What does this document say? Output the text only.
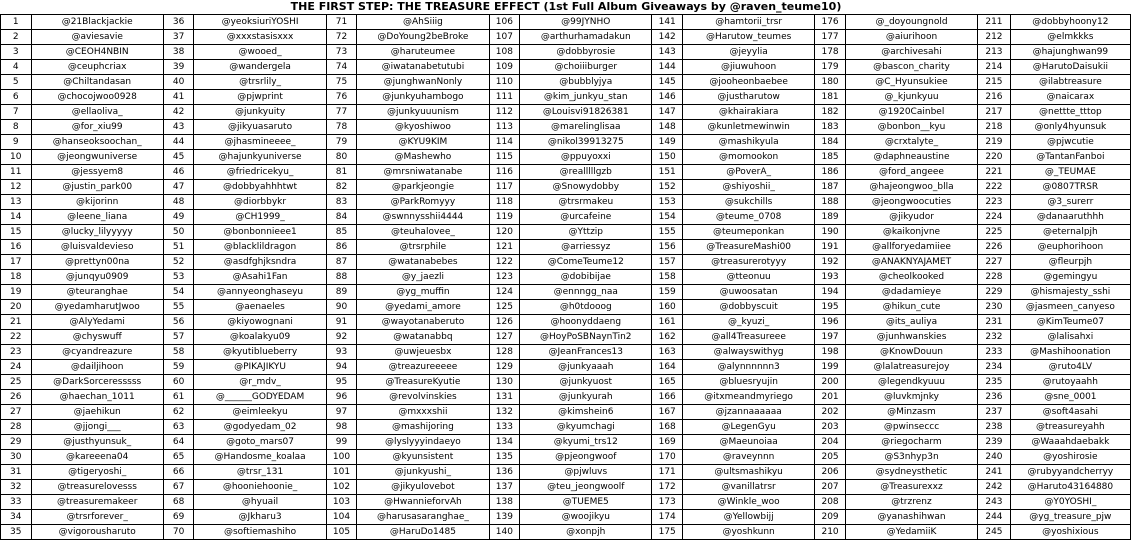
THE FIRST STEP: THE TREASURE EFFECT (1st Full Album Giveaways by @raven_teume10)
1	@21Blackjackie	36	@yeoksiuriYOSHI	71	@AhSiiig	106	@99JYNHO	141	@hamtorii_trsr	176	@_doyoungnold	211	@dobbyhoony12
2	@aviesavie	37	@xxxstasisxxx	72	@DoYoung2beBroke	107	@arthurhamadakun	142	@Harutow_teumes	177	@aiurihoon	212	@elmkkks
3	@CEOH4NBIN	38	@wooed_	73	@haruteumee	108	@dobbyrosie	143	@jeyylia	178	@archivesahi	213	@hajunghwan99
4	@ceuphcriax	39	@wandergela	74	@iwatanabetutubi	109	@choiiiburger	144	@jiuwuhoon	179	@bascon_charity	214	@HarutoDaisukii
5	@Chiltandasan	40	@trsrlily_	75	@junghwanNonly	110	@bubblyjya	145	@jooheonbaebee	180	@C_Hyunsukiee	215	@ilabtreasure
6	@chocojwoo0928	41	@pjwprint	76	@junkyuhambogo	111	@kim_junkyu_stan	146	@justharutow	181	@_kjunkyuu	216	@naicarax
7	@ellaoliva_	42	@junkyuity	77	@junkyuuunism	112	@Louisvi91826381	147	@khairakiara	182	@1920Cainbel	217	@nettte_tttop
8	@for_xiu99	43	@jikyuasaruto	78	@kyoshiwoo	113	@marelinglisaa	148	@kunletmewinwin	183	@bonbon__kyu	218	@only4hyunsuk
9	@hanseoksoochan_	44	@jhasmineeee_	79	@KYU9KIM	114	@nikol39913275	149	@mashikyula	184	@crxtalyte_	219	@pjwcutie
10	@jeongwuniverse	45	@hajunkyuniverse	80	@Mashewho	115	@ppuyoxxi	150	@momookon	185	@daphneaustine	220	@TantanFanboi
11	@jessyem8	46	@friedricekyu_	81	@mrsniwatanabe	116	@realllllgzb	151	@PoverA_	186	@ford_angeee	221	@_TEUMAE
12	@justin_park00	47	@dobbyahhhtwt	82	@parkjeongie	117	@Snowydobby	152	@shiyoshii_	187	@hajeongwoo_blla	222	@0807TRSR
13	@kijorinn	48	@diorbbykr	83	@ParkRomyyy	118	@trsrmakeu	153	@sukchills	188	@jeongwoocuties	223	@3_surerr
14	@leene_liana	49	@CH1999_	84	@swnnysshii4444	119	@urcafeine	154	@teume_0708	189	@jikyudor	224	@danaaruthhh
15	@lucky_lilyyyyy	50	@bonbonnieee1	85	@teuhalovee_	120	@Yttzip	155	@teumeponkan	190	@kaikonjvne	225	@eternalpjh
16	@luisvaldevieso	51	@blacklildragon	86	@trsrphile	121	@arriessyz	156	@TreasureMashi00	191	@allforyedamiiee	226	@euphorihoon
17	@prettyn00na	52	@asdfghjksndra	87	@watanabebes	122	@ComeTeume12	157	@treasurerotyyy	192	@ANAKNYAJAMET	227	@fleurpjh
18	@junqyu0909	53	@Asahi1Fan	88	@y_jaezli	123	@dobibijae	158	@tteonuu	193	@cheolkooked	228	@gemingyu
19	@teuranghae	54	@annyeonghaseyu	89	@yg_muffin	124	@ennngg_naa	159	@uwoosatan	194	@dadamieye	229	@hismajesty_sshi
20	@yedamharutJwoo	55	@aenaeles	90	@yedami_amore	125	@h0tdooog	160	@dobbyscuit	195	@hikun_cute	230	@jasmeen_canyeso
21	@AlyYedami	56	@kiyowognani	91	@wayotanaberuto	126	@hoonyddaeng	161	@_kyuzi_	196	@its_auliya	231	@KimTeume07
22	@chyswuff	57	@koalakyu09	92	@watanabbq	127	@HoyPoSBNaynTin2	162	@all4Treasureee	197	@junhwanskies	232	@lalisahxi
23	@cyandreazure	58	@kyutiblueberry	93	@uwjeuesbx	128	@JeanFrances13	163	@alwayswithyg	198	@KnowDouun	233	@Mashihoonation
24	@dailjihoon	59	@PIKAJIKYU	94	@treazureeeee	129	@junkyaaah	164	@alynnnnnn3	199	@lalatreasurejoy	234	@ruto4LV
25	@DarkSorceresssss	60	@r_mdv_	95	@TreasureKyutie	130	@junkyuost	165	@bluesryujin	200	@legendkyuuu	235	@rutoyaahh
26	@haechan_1011	61	@______GODYEDAM	96	@revolvinskies	131	@junkyurah	166	@itxmeandmyriego	201	@luvkmjnky	236	@sne_0001
27	@jaehikun	62	@eimleekyu	97	@mxxxshii	132	@kimshein6	167	@jzannaaaaaa	202	@Minzasm	237	@soft4asahi
28	@jjongi___	63	@godyedam_02	98	@mashijoring	133	@kyumchagi	168	@LegenGyu	203	@pwinseccc	238	@treasureyahh
29	@justhyunsuk_	64	@goto_mars07	99	@lyslyyyindaeyo	134	@kyumi_trs12	169	@Maeunoiaa	204	@riegocharm	239	@Waaahdaebakk
30	@kareeena04	65	@Handosme_koalaa	100	@kyunsistent	135	@pjeongwoof	170	@raveynnn	205	@S3nhyp3n	240	@yoshirosie
31	@tigeryoshi_	66	@trsr_131	101	@junkyushi_	136	@pjwluvs	171	@ultsmashikyu	206	@sydneysthetic	241	@rubyyandcherryy
32	@treasurelovesss	67	@hooniehoonie_	102	@jikyulovebot	137	@teu_jeongwoolf	172	@vanillatrsr	207	@Treasurexxz	242	@Haruto43164880
33	@treasuremakeer	68	@hyuail	103	@HwannieforvAh	138	@TUEME5	173	@Winkle_woo	208	@trzrenz	243	@Y0YOSHI_
34	@trsrforever_	69	@Jkharu3	104	@harusasaranghae_	139	@woojikyu	174	@Yellowbijj	209	@yanashihwan	244	@yg_treasure_pjw
35	@vigorousharuto	70	@softiemashiho	105	@HaruDo1485	140	@xonpjh	175	@yoshkunn	210	@YedamiiK	245	@yoshixious
